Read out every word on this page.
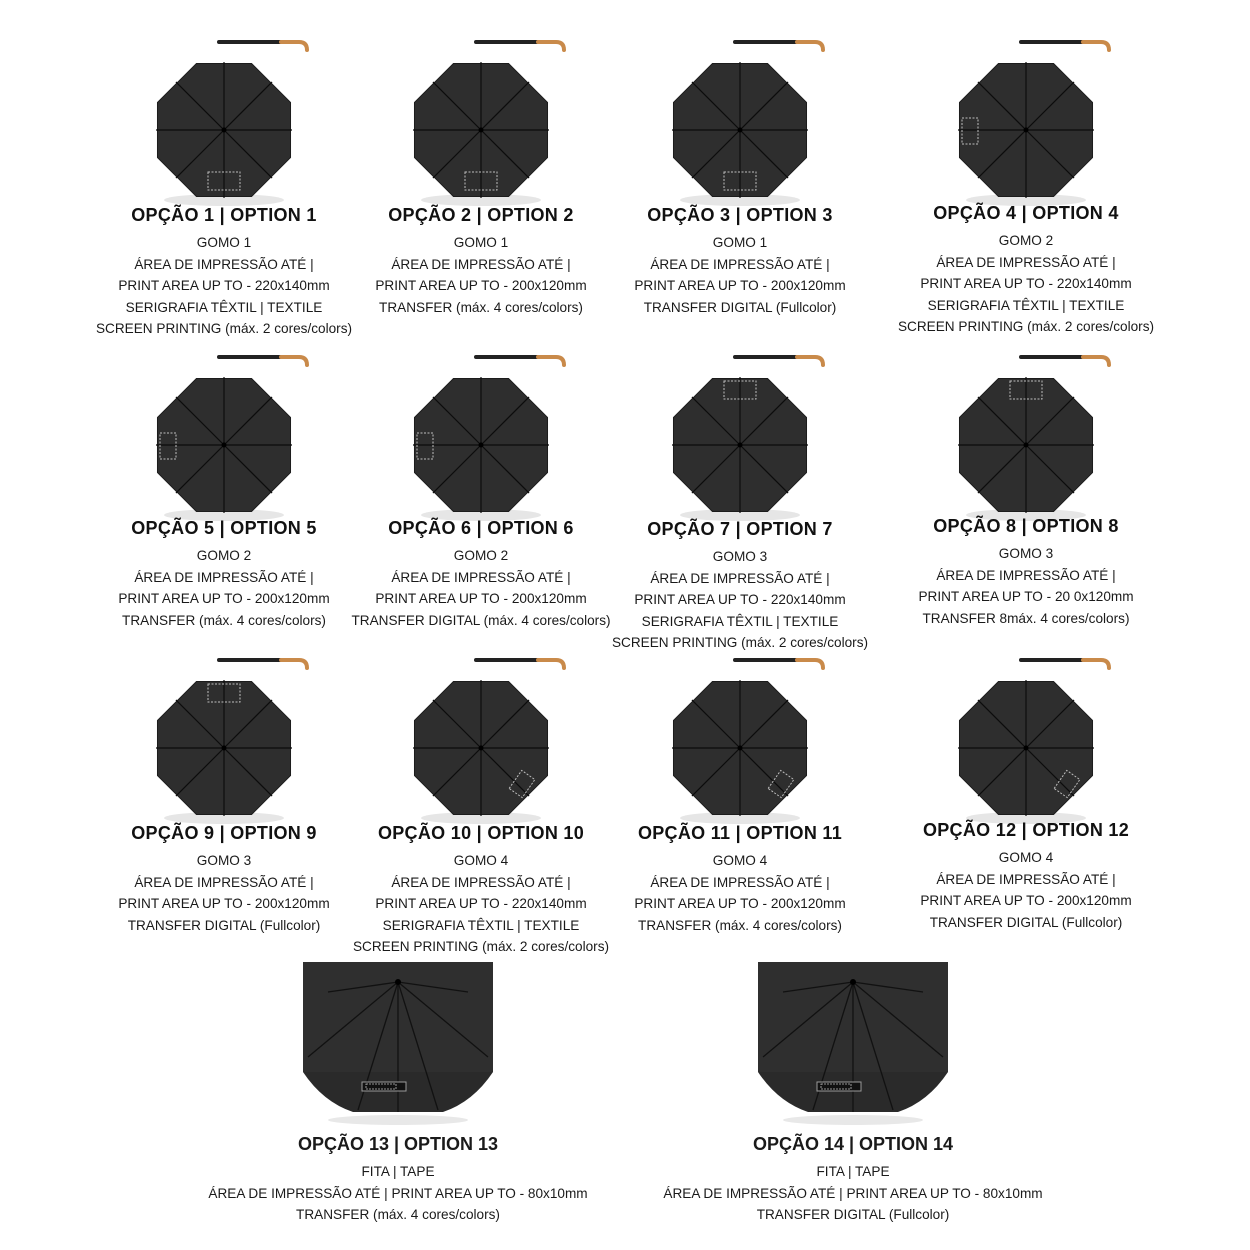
OPÇÃO 1 | OPTION 1
GOMO 1
ÁREA DE IMPRESSÃO ATÉ |
PRINT AREA UP TO - 220x140mm
SERIGRAFIA TÊXTIL | TEXTILE
SCREEN PRINTING (máx. 2 cores/colors)
OPÇÃO 2 | OPTION 2
GOMO 1
ÁREA DE IMPRESSÃO ATÉ |
PRINT AREA UP TO - 200x120mm
TRANSFER (máx. 4 cores/colors)
OPÇÃO 3 | OPTION 3
GOMO 1
ÁREA DE IMPRESSÃO ATÉ |
PRINT AREA UP TO - 200x120mm
TRANSFER DIGITAL (Fullcolor)
OPÇÃO 4 | OPTION 4
GOMO 2
ÁREA DE IMPRESSÃO ATÉ |
PRINT AREA UP TO - 220x140mm
SERIGRAFIA TÊXTIL | TEXTILE
SCREEN PRINTING (máx. 2 cores/colors)
OPÇÃO 5 | OPTION 5
GOMO 2
ÁREA DE IMPRESSÃO ATÉ |
PRINT AREA UP TO - 200x120mm
TRANSFER (máx. 4 cores/colors)
OPÇÃO 6 | OPTION 6
GOMO 2
ÁREA DE IMPRESSÃO ATÉ |
PRINT AREA UP TO - 200x120mm
TRANSFER DIGITAL (máx. 4 cores/colors)
OPÇÃO 7 | OPTION 7
GOMO 3
ÁREA DE IMPRESSÃO ATÉ |
PRINT AREA UP TO - 220x140mm
SERIGRAFIA TÊXTIL | TEXTILE
SCREEN PRINTING (máx. 2 cores/colors)
OPÇÃO 8 | OPTION 8
GOMO 3
ÁREA DE IMPRESSÃO ATÉ |
PRINT AREA UP TO - 20 0x120mm
TRANSFER 8máx. 4 cores/colors)
OPÇÃO 9 | OPTION 9
GOMO 3
ÁREA DE IMPRESSÃO ATÉ |
PRINT AREA UP TO - 200x120mm
TRANSFER DIGITAL (Fullcolor)
OPÇÃO 10 | OPTION 10
GOMO 4
ÁREA DE IMPRESSÃO ATÉ |
PRINT AREA UP TO - 220x140mm
SERIGRAFIA TÊXTIL | TEXTILE
SCREEN PRINTING (máx. 2 cores/colors)
OPÇÃO 11 | OPTION 11
GOMO 4
ÁREA DE IMPRESSÃO ATÉ |
PRINT AREA UP TO - 200x120mm
TRANSFER (máx. 4 cores/colors)
OPÇÃO 12 | OPTION 12
GOMO 4
ÁREA DE IMPRESSÃO ATÉ |
PRINT AREA UP TO - 200x120mm
TRANSFER DIGITAL (Fullcolor)
OPÇÃO 13 | OPTION 13
FITA | TAPE
ÁREA DE IMPRESSÃO ATÉ | PRINT AREA UP TO - 80x10mm
TRANSFER (máx. 4 cores/colors)
OPÇÃO 14 | OPTION 14
FITA | TAPE
ÁREA DE IMPRESSÃO ATÉ | PRINT AREA UP TO - 80x10mm
TRANSFER DIGITAL (Fullcolor)
